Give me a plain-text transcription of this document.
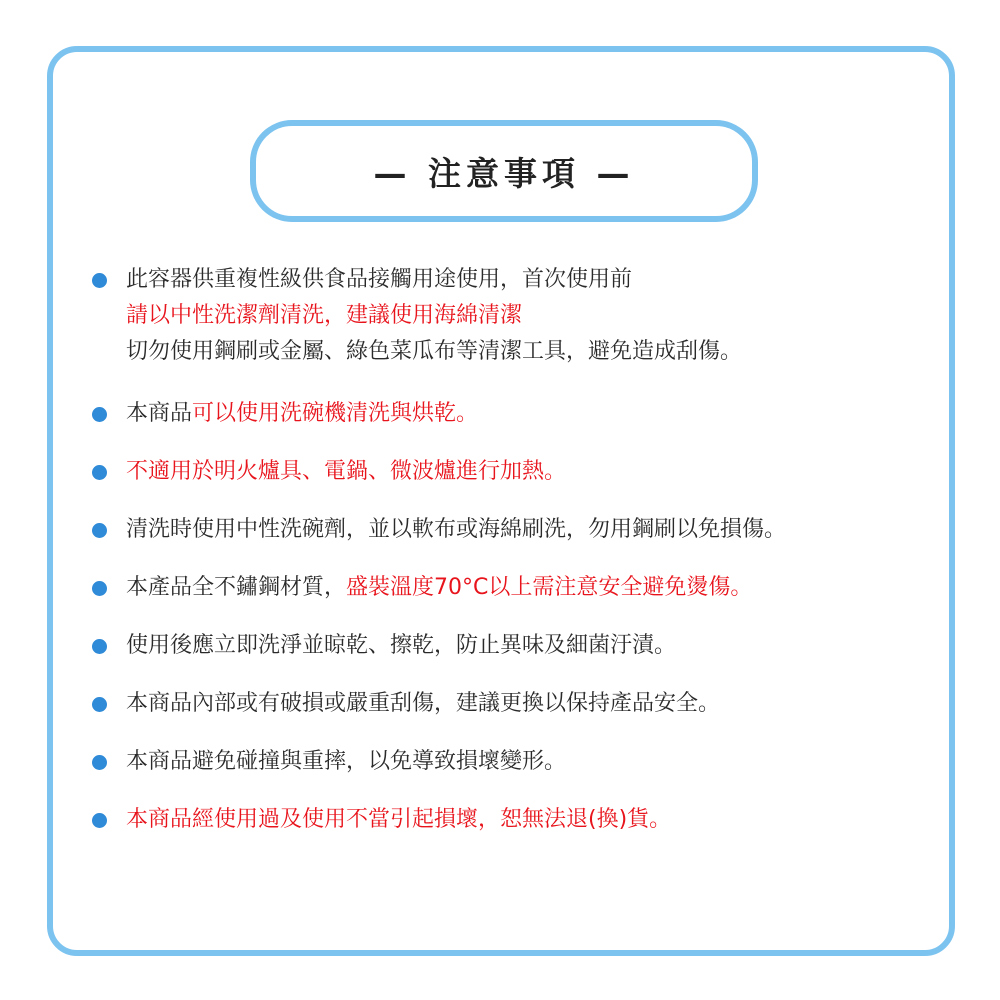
— 注意事項 —
此容器供重複性級供食品接觸用途使用，首次使用前
請以中性洗潔劑清洗，建議使用海綿清潔
切勿使用鋼刷或金屬、綠色菜瓜布等清潔工具，避免造成刮傷。
本商品可以使用洗碗機清洗與烘乾。
不適用於明火爐具、電鍋、微波爐進行加熱。
清洗時使用中性洗碗劑，並以軟布或海綿刷洗，勿用鋼刷以免損傷。
本產品全不鏽鋼材質，盛裝溫度70°C以上需注意安全避免燙傷。
使用後應立即洗淨並晾乾、擦乾，防止異味及細菌汙漬。
本商品內部或有破損或嚴重刮傷，建議更換以保持產品安全。
本商品避免碰撞與重摔，以免導致損壞變形。
本商品經使用過及使用不當引起損壞，恕無法退(換)貨。
